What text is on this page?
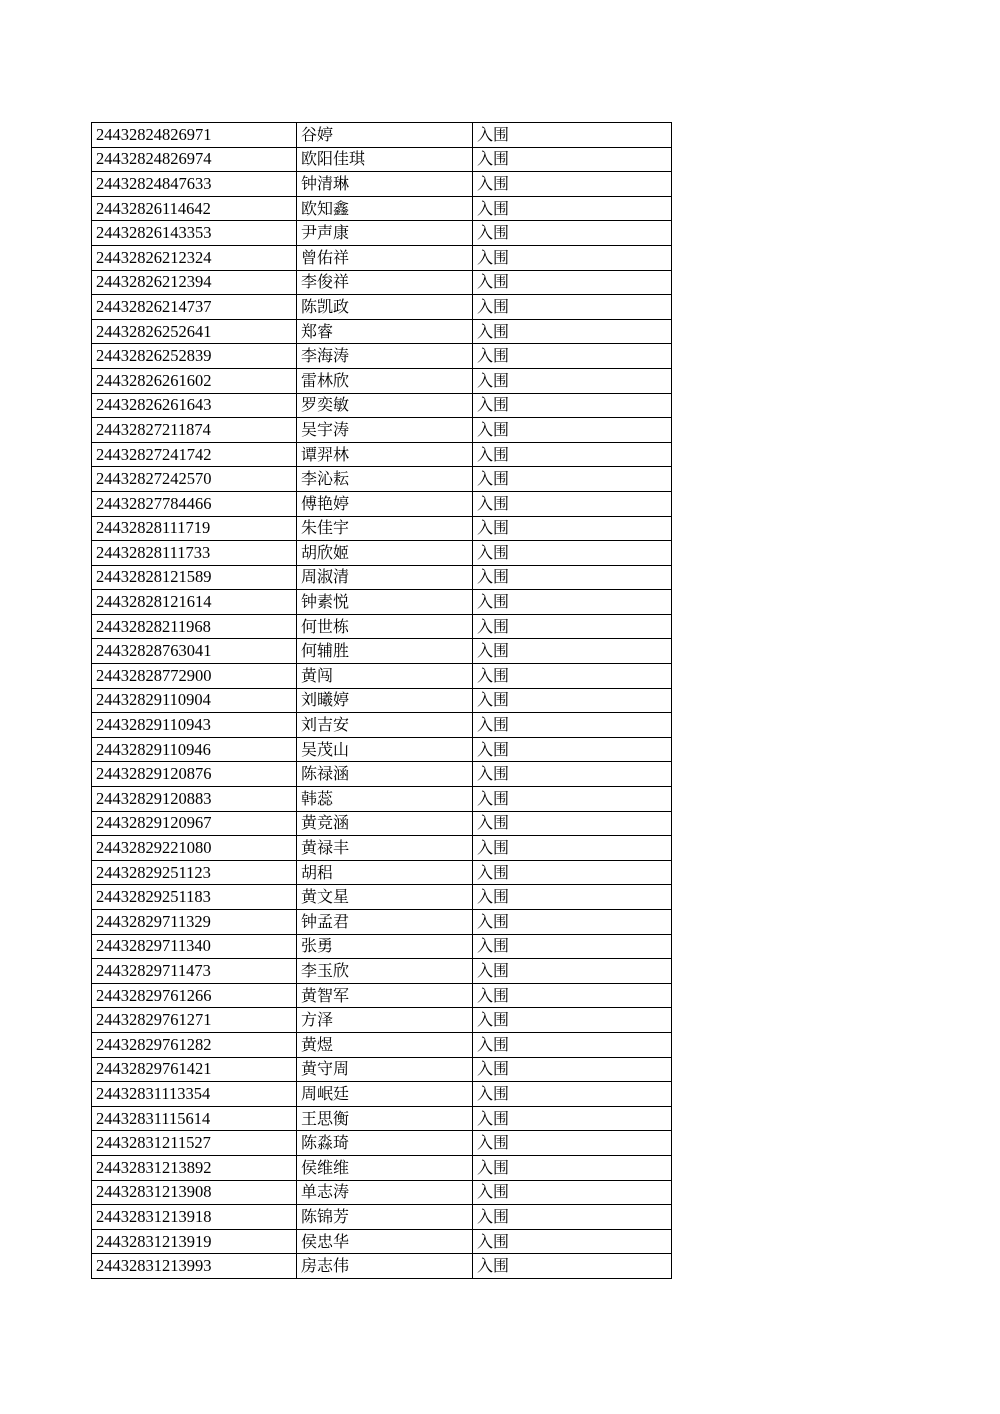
24432824826971	谷婷	入围
24432824826974	欧阳佳琪	入围
24432824847633	钟清琳	入围
24432826114642	欧知鑫	入围
24432826143353	尹声康	入围
24432826212324	曾佑祥	入围
24432826212394	李俊祥	入围
24432826214737	陈凯政	入围
24432826252641	郑睿	入围
24432826252839	李海涛	入围
24432826261602	雷林欣	入围
24432826261643	罗奕敏	入围
24432827211874	吴宇涛	入围
24432827241742	谭羿林	入围
24432827242570	李沁耘	入围
24432827784466	傅艳婷	入围
24432828111719	朱佳宇	入围
24432828111733	胡欣姬	入围
24432828121589	周淑清	入围
24432828121614	钟素悦	入围
24432828211968	何世栋	入围
24432828763041	何辅胜	入围
24432828772900	黄闯	入围
24432829110904	刘曦婷	入围
24432829110943	刘吉安	入围
24432829110946	吴茂山	入围
24432829120876	陈禄涵	入围
24432829120883	韩蕊	入围
24432829120967	黄竞涵	入围
24432829221080	黄禄丰	入围
24432829251123	胡稆	入围
24432829251183	黄文星	入围
24432829711329	钟孟君	入围
24432829711340	张勇	入围
24432829711473	李玉欣	入围
24432829761266	黄智军	入围
24432829761271	方泽	入围
24432829761282	黄煜	入围
24432829761421	黄守周	入围
24432831113354	周岷廷	入围
24432831115614	王思衡	入围
24432831211527	陈淼琦	入围
24432831213892	侯维维	入围
24432831213908	单志涛	入围
24432831213918	陈锦芳	入围
24432831213919	侯忠华	入围
24432831213993	房志伟	入围
